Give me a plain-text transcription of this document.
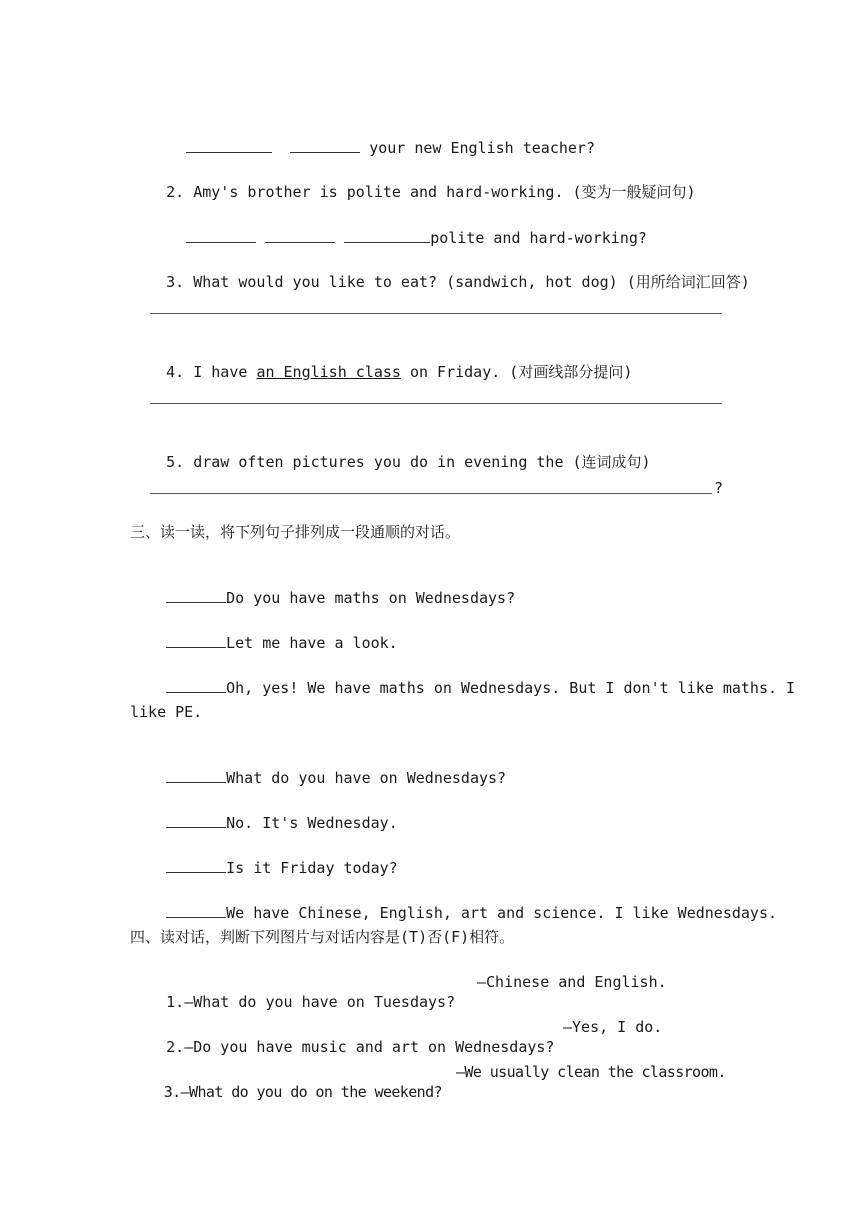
your new English teacher?

2. Amy's brother is polite and hard-working. (变为一般疑问句)

polite and hard-working?

3. What would you like to eat? (sandwich, hot dog) (用所给词汇回答)

4. I have an English class on Friday. (对画线部分提问)

5. draw often pictures you do in evening the (连词成句)

?
三、读一读，将下列句子排列成一段通顺的对话。

Do you have maths on Wednesdays?

Let me have a look.

Oh, yes! We have maths on Wednesdays. But I don't like maths. I

like PE.

What do you have on Wednesdays?

No. It's Wednesday.

Is it Friday today?

We have Chinese, English, art and science. I like Wednesdays.

四、读对话，判断下列图片与对话内容是(T)否(F)相符。

1.—What do you have on Tuesdays?

—Chinese and English.

2.—Do you have music and art on Wednesdays?

—Yes, I do.

3.—What do you do on the weekend?

—We usually clean the classroom.
